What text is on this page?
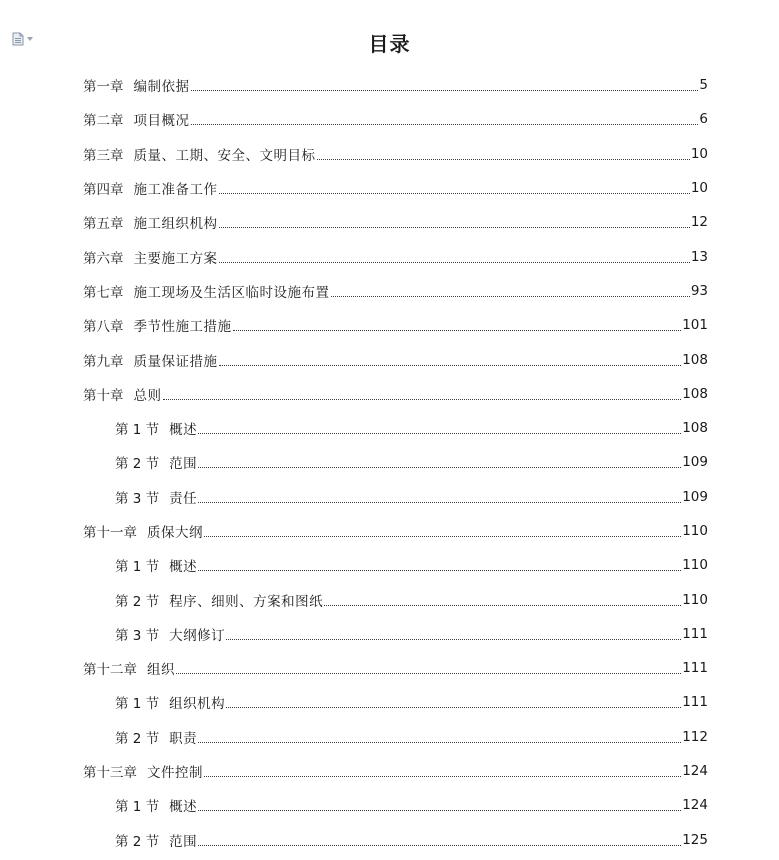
目录
第一章 编制依据	5
第二章 项目概况	6
第三章 质量、工期、安全、文明目标	10
第四章 施工准备工作	10
第五章 施工组织机构	12
第六章 主要施工方案	13
第七章 施工现场及生活区临时设施布置	93
第八章 季节性施工措施	101
第九章 质量保证措施	108
第十章 总则	108
第 1 节 概述	108
第 2 节 范围	109
第 3 节 责任	109
第十一章 质保大纲	110
第 1 节 概述	110
第 2 节 程序、细则、方案和图纸	110
第 3 节 大纲修订	111
第十二章 组织	111
第 1 节 组织机构	111
第 2 节 职责	112
第十三章 文件控制	124
第 1 节 概述	124
第 2 节 范围	125
